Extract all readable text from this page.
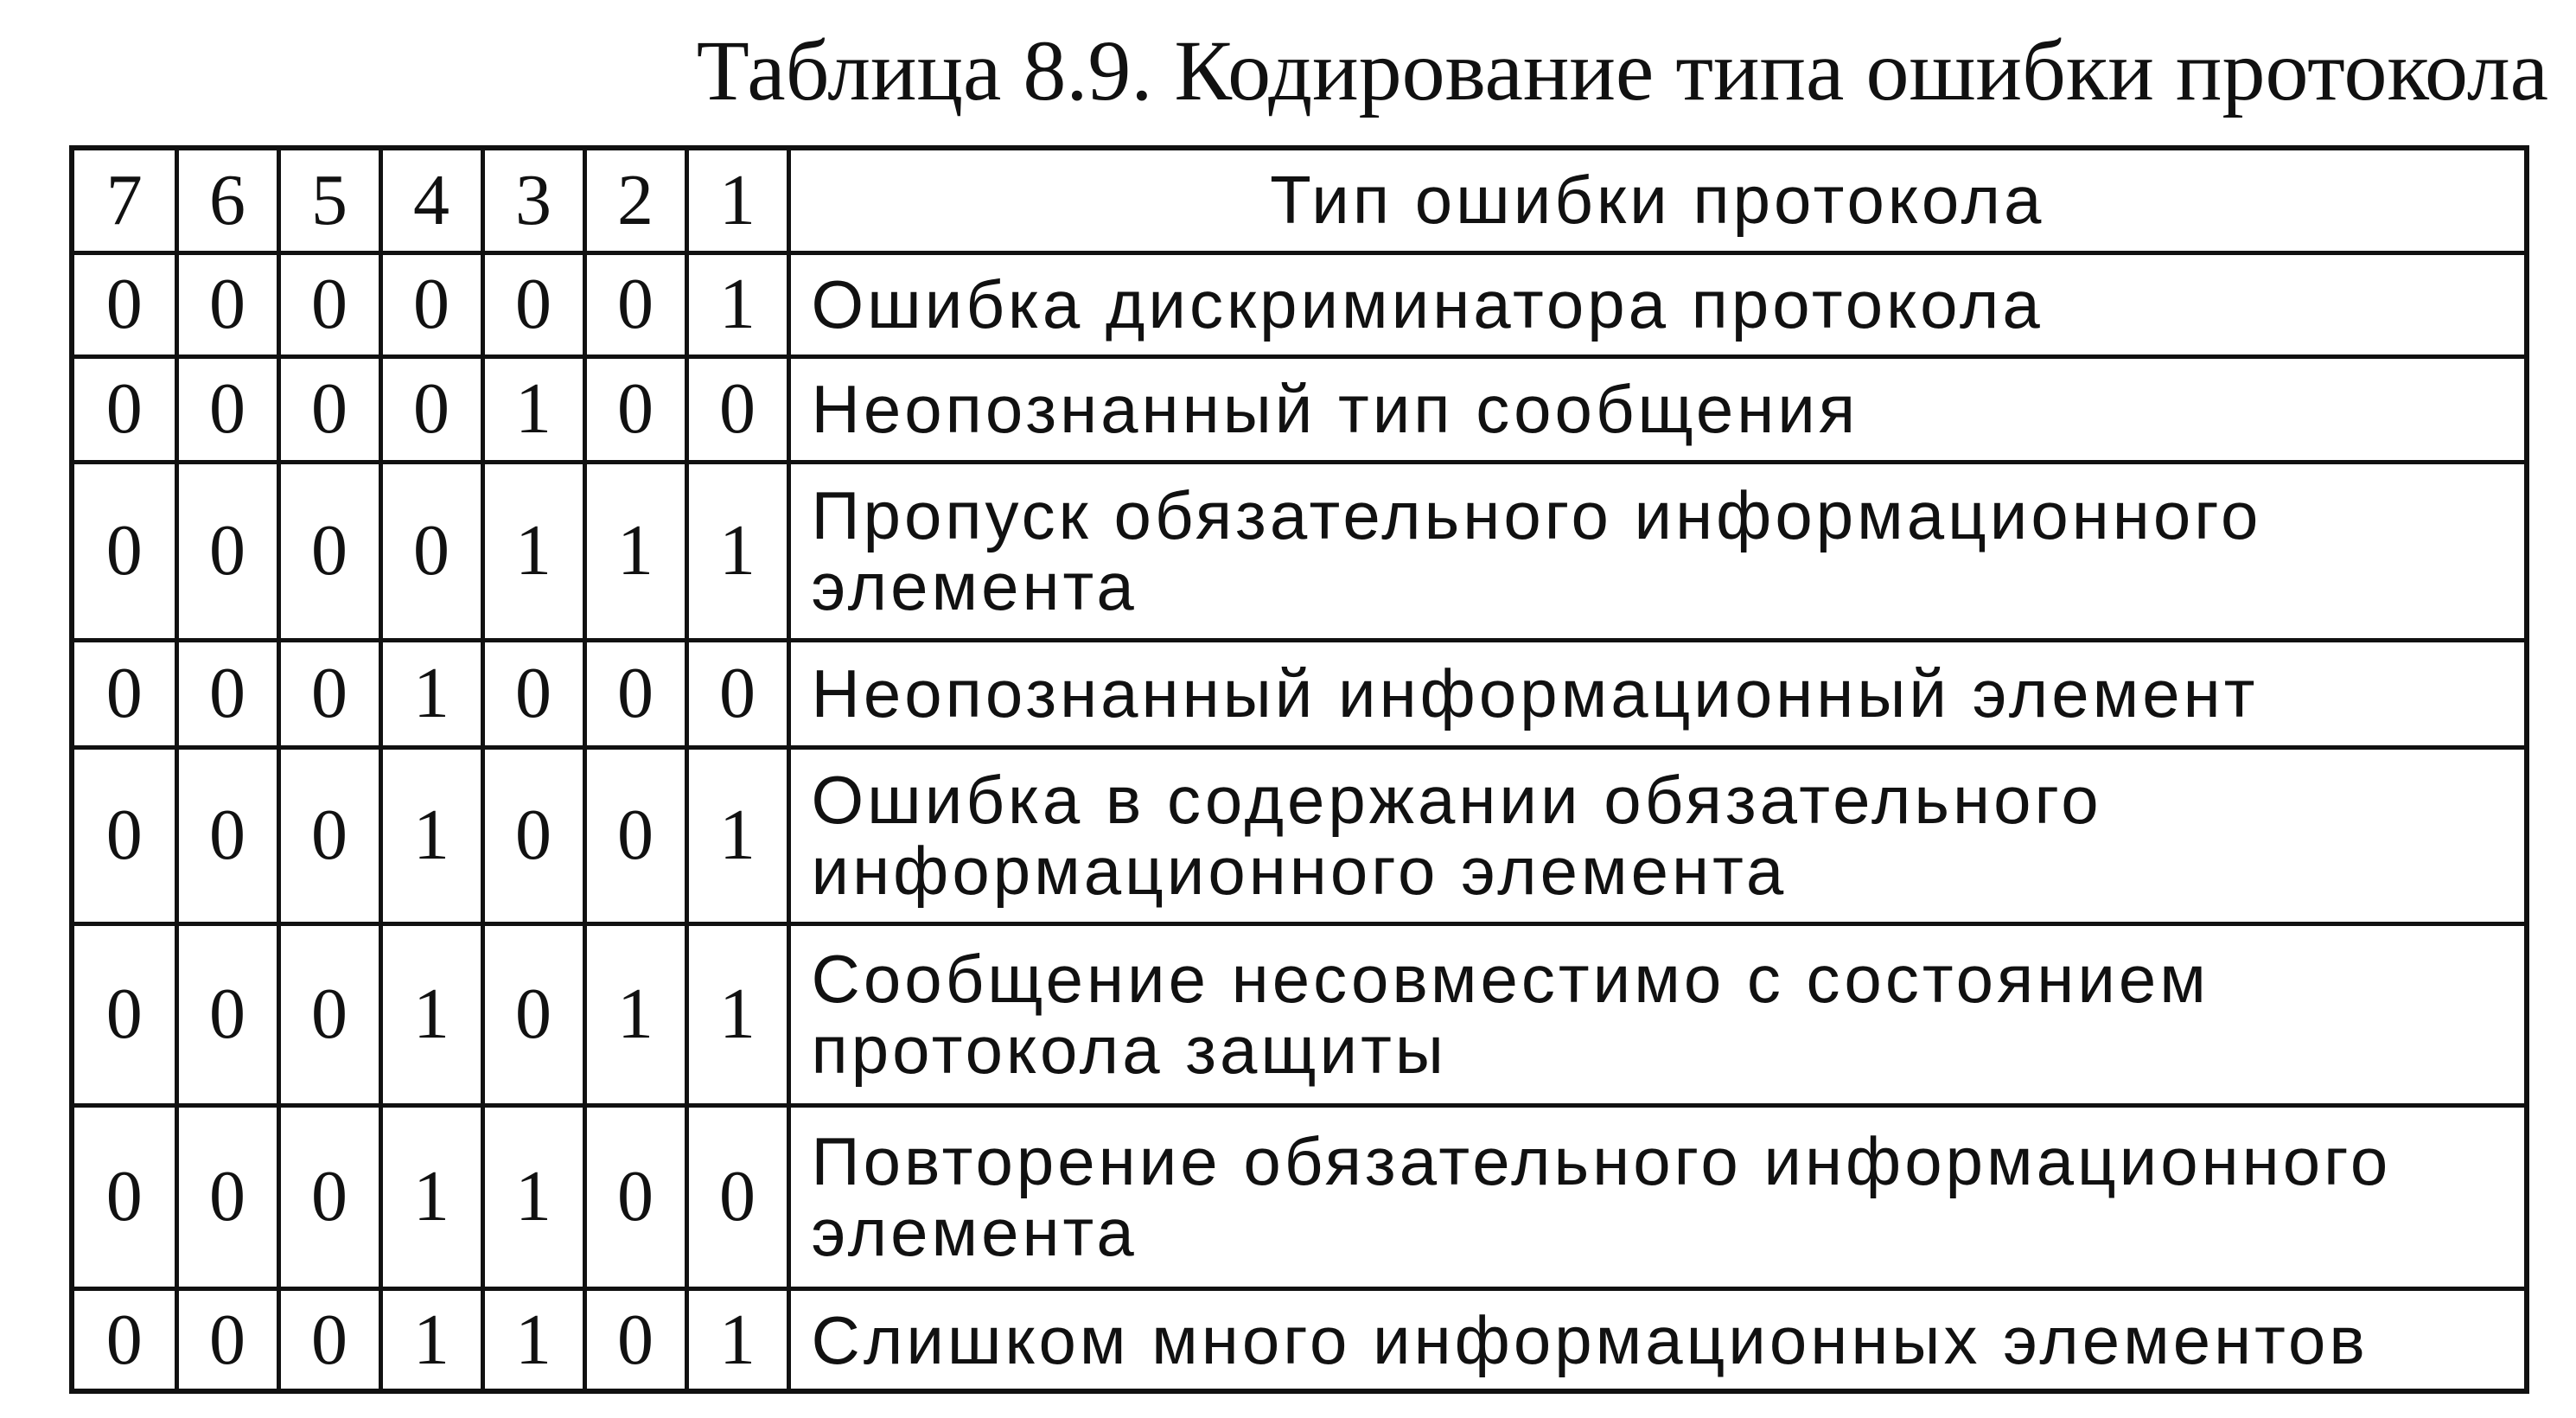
Таблица 8.9. Кодирование типа ошибки протокола
7	6	5	4	3	2	1	Тип ошибки протокола
0	0	0	0	0	0	1	Ошибка дискриминатора протокола
0	0	0	0	1	0	0	Неопознанный тип сообщения
0	0	0	0	1	1	1	Пропуск обязательного информационного элемента
0	0	0	1	0	0	0	Неопознанный информационный элемент
0	0	0	1	0	0	1	Ошибка в содержании обязательного информационного элемента
0	0	0	1	0	1	1	Сообщение несовместимо с состоянием протокола защиты
0	0	0	1	1	0	0	Повторение обязательного информационного элемента
0	0	0	1	1	0	1	Слишком много информационных элементов
